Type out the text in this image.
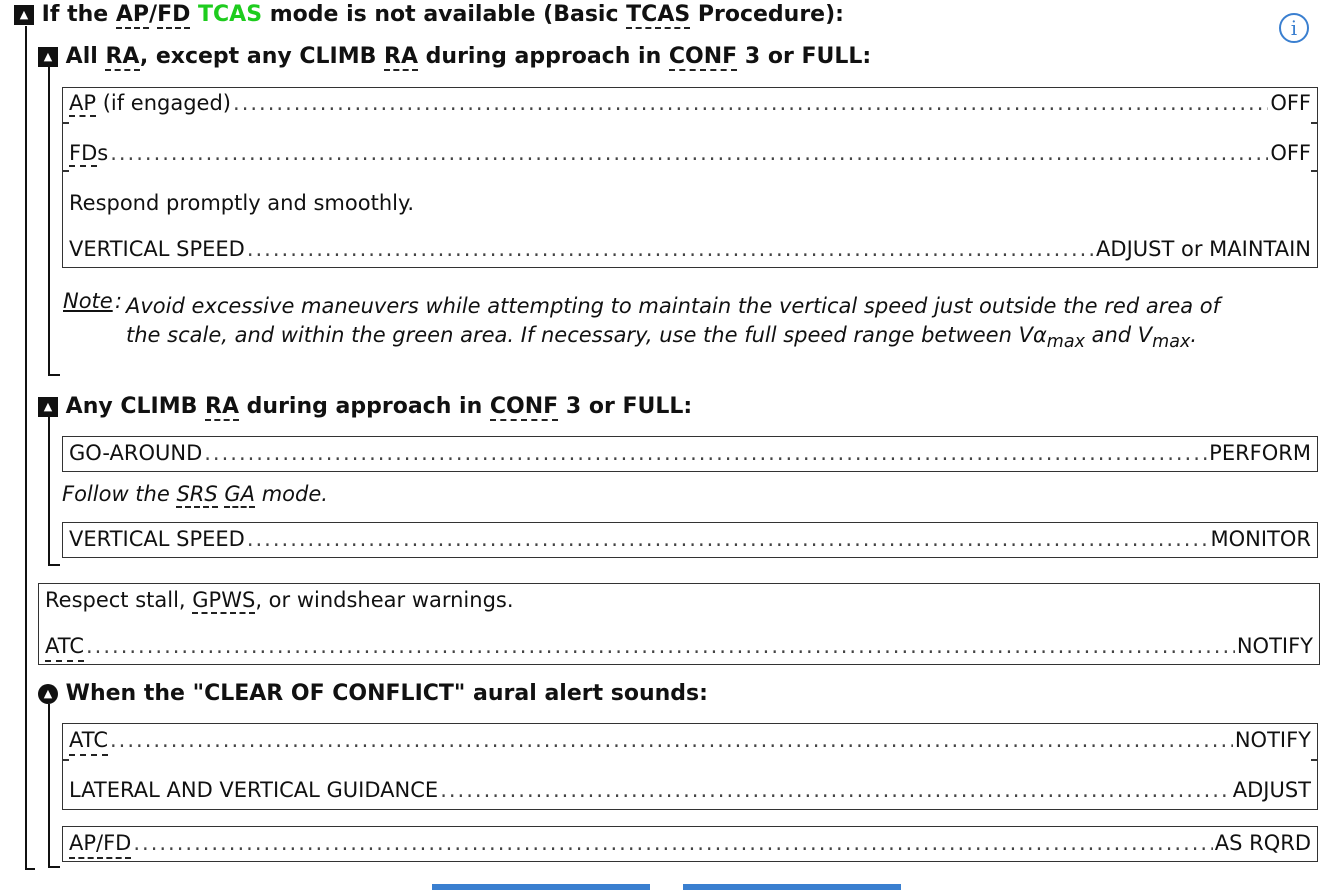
▲ If the AP/FD TCAS mode is not available (Basic TCAS Procedure):
i
▲ All RA, except any CLIMB RA during approach in CONF 3 or FULL:
AP (if engaged) .....	OFF
FDs .....	OFF
Respond promptly and smoothly.
VERTICAL SPEED .....	ADJUST or MAINTAIN
Note : Avoid excessive maneuvers while attempting to maintain the vertical speed just outside the red area of
the scale, and within the green area. If necessary, use the full speed range between $V\alpha_{max}$ and $V_{max}$.
▲ Any CLIMB RA during approach in CONF 3 or FULL:
GO-AROUND .....	PERFORM
Follow the SRS GA mode.
VERTICAL SPEED .....	MONITOR
Respect stall, GPWS, or windshear warnings.
ATC .....	NOTIFY
▲ When the "CLEAR OF CONFLICT" aural alert sounds:
ATC .....	NOTIFY
LATERAL AND VERTICAL GUIDANCE .....	ADJUST
AP/FD .....	AS RQRD
